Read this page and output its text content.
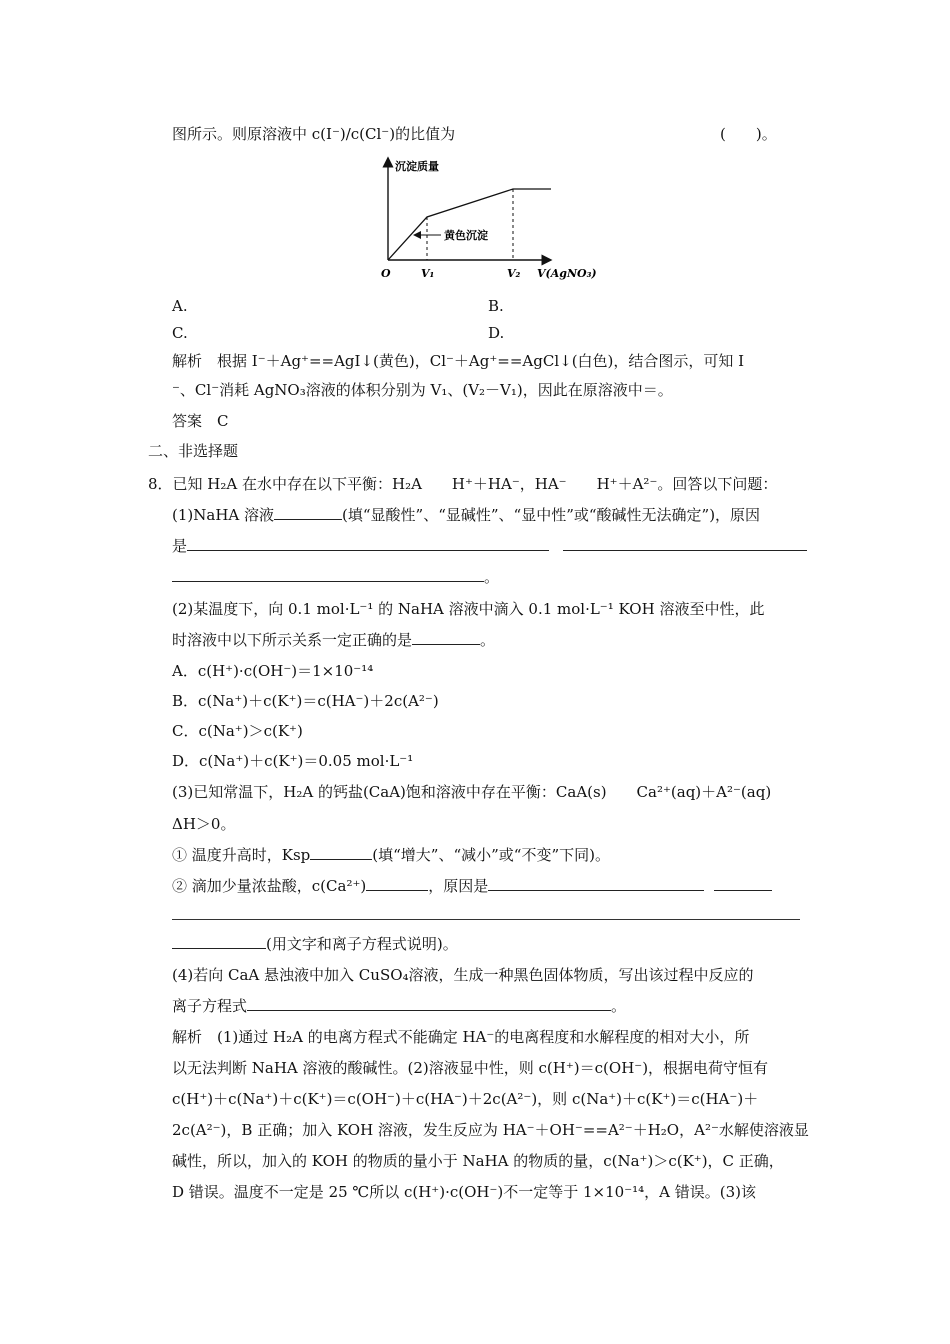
图所示。则原溶液中 c(I⁻)/c(Cl⁻)的比值为	(　　)。
黄色沉淀
沉淀质量
O	V₁	V₂ V(AgNO₃)
A.	B.
C.	D.
解析　根据 I⁻＋Ag⁺==AgI↓(黄色)，Cl⁻＋Ag⁺==AgCl↓(白色)，结合图示，可知 I
⁻、Cl⁻消耗 AgNO₃溶液的体积分别为 V₁、(V₂－V₁)，因此在原溶液中＝。
答案　C
二、非选择题
8．已知 H₂A 在水中存在以下平衡：H₂A　　H⁺＋HA⁻，HA⁻　　H⁺＋A²⁻。回答以下问题：
(1)NaHA 溶液	(填“显酸性”、“显碱性”、“显中性”或“酸碱性无法确定”)，原因
是
。
(2)某温度下，向 0.1 mol·L⁻¹ 的 NaHA 溶液中滴入 0.1 mol·L⁻¹ KOH 溶液至中性，此
时溶液中以下所示关系一定正确的是	。
A．c(H⁺)·c(OH⁻)＝1×10⁻¹⁴
B．c(Na⁺)＋c(K⁺)＝c(HA⁻)＋2c(A²⁻)
C．c(Na⁺)＞c(K⁺)
D．c(Na⁺)＋c(K⁺)＝0.05 mol·L⁻¹
(3)已知常温下，H₂A 的钙盐(CaA)饱和溶液中存在平衡：CaA(s)　　Ca²⁺(aq)＋A²⁻(aq)
ΔH＞0。
① 温度升高时，Ksp	(填“增大”、“减小”或“不变”下同)。
② 滴加少量浓盐酸，c(Ca²⁺)	，原因是
(用文字和离子方程式说明)。
(4)若向 CaA 悬浊液中加入 CuSO₄溶液，生成一种黑色固体物质，写出该过程中反应的
离子方程式	。
解析　(1)通过 H₂A 的电离方程式不能确定 HA⁻的电离程度和水解程度的相对大小，所
以无法判断 NaHA 溶液的酸碱性。(2)溶液显中性，则 c(H⁺)＝c(OH⁻)，根据电荷守恒有
c(H⁺)＋c(Na⁺)＋c(K⁺)＝c(OH⁻)＋c(HA⁻)＋2c(A²⁻)，则 c(Na⁺)＋c(K⁺)＝c(HA⁻)＋
2c(A²⁻)，B 正确；加入 KOH 溶液，发生反应为 HA⁻＋OH⁻==A²⁻＋H₂O，A²⁻水解使溶液显
碱性，所以，加入的 KOH 的物质的量小于 NaHA 的物质的量，c(Na⁺)＞c(K⁺)，C 正确，
D 错误。温度不一定是 25 ℃所以 c(H⁺)·c(OH⁻)不一定等于 1×10⁻¹⁴，A 错误。(3)该
